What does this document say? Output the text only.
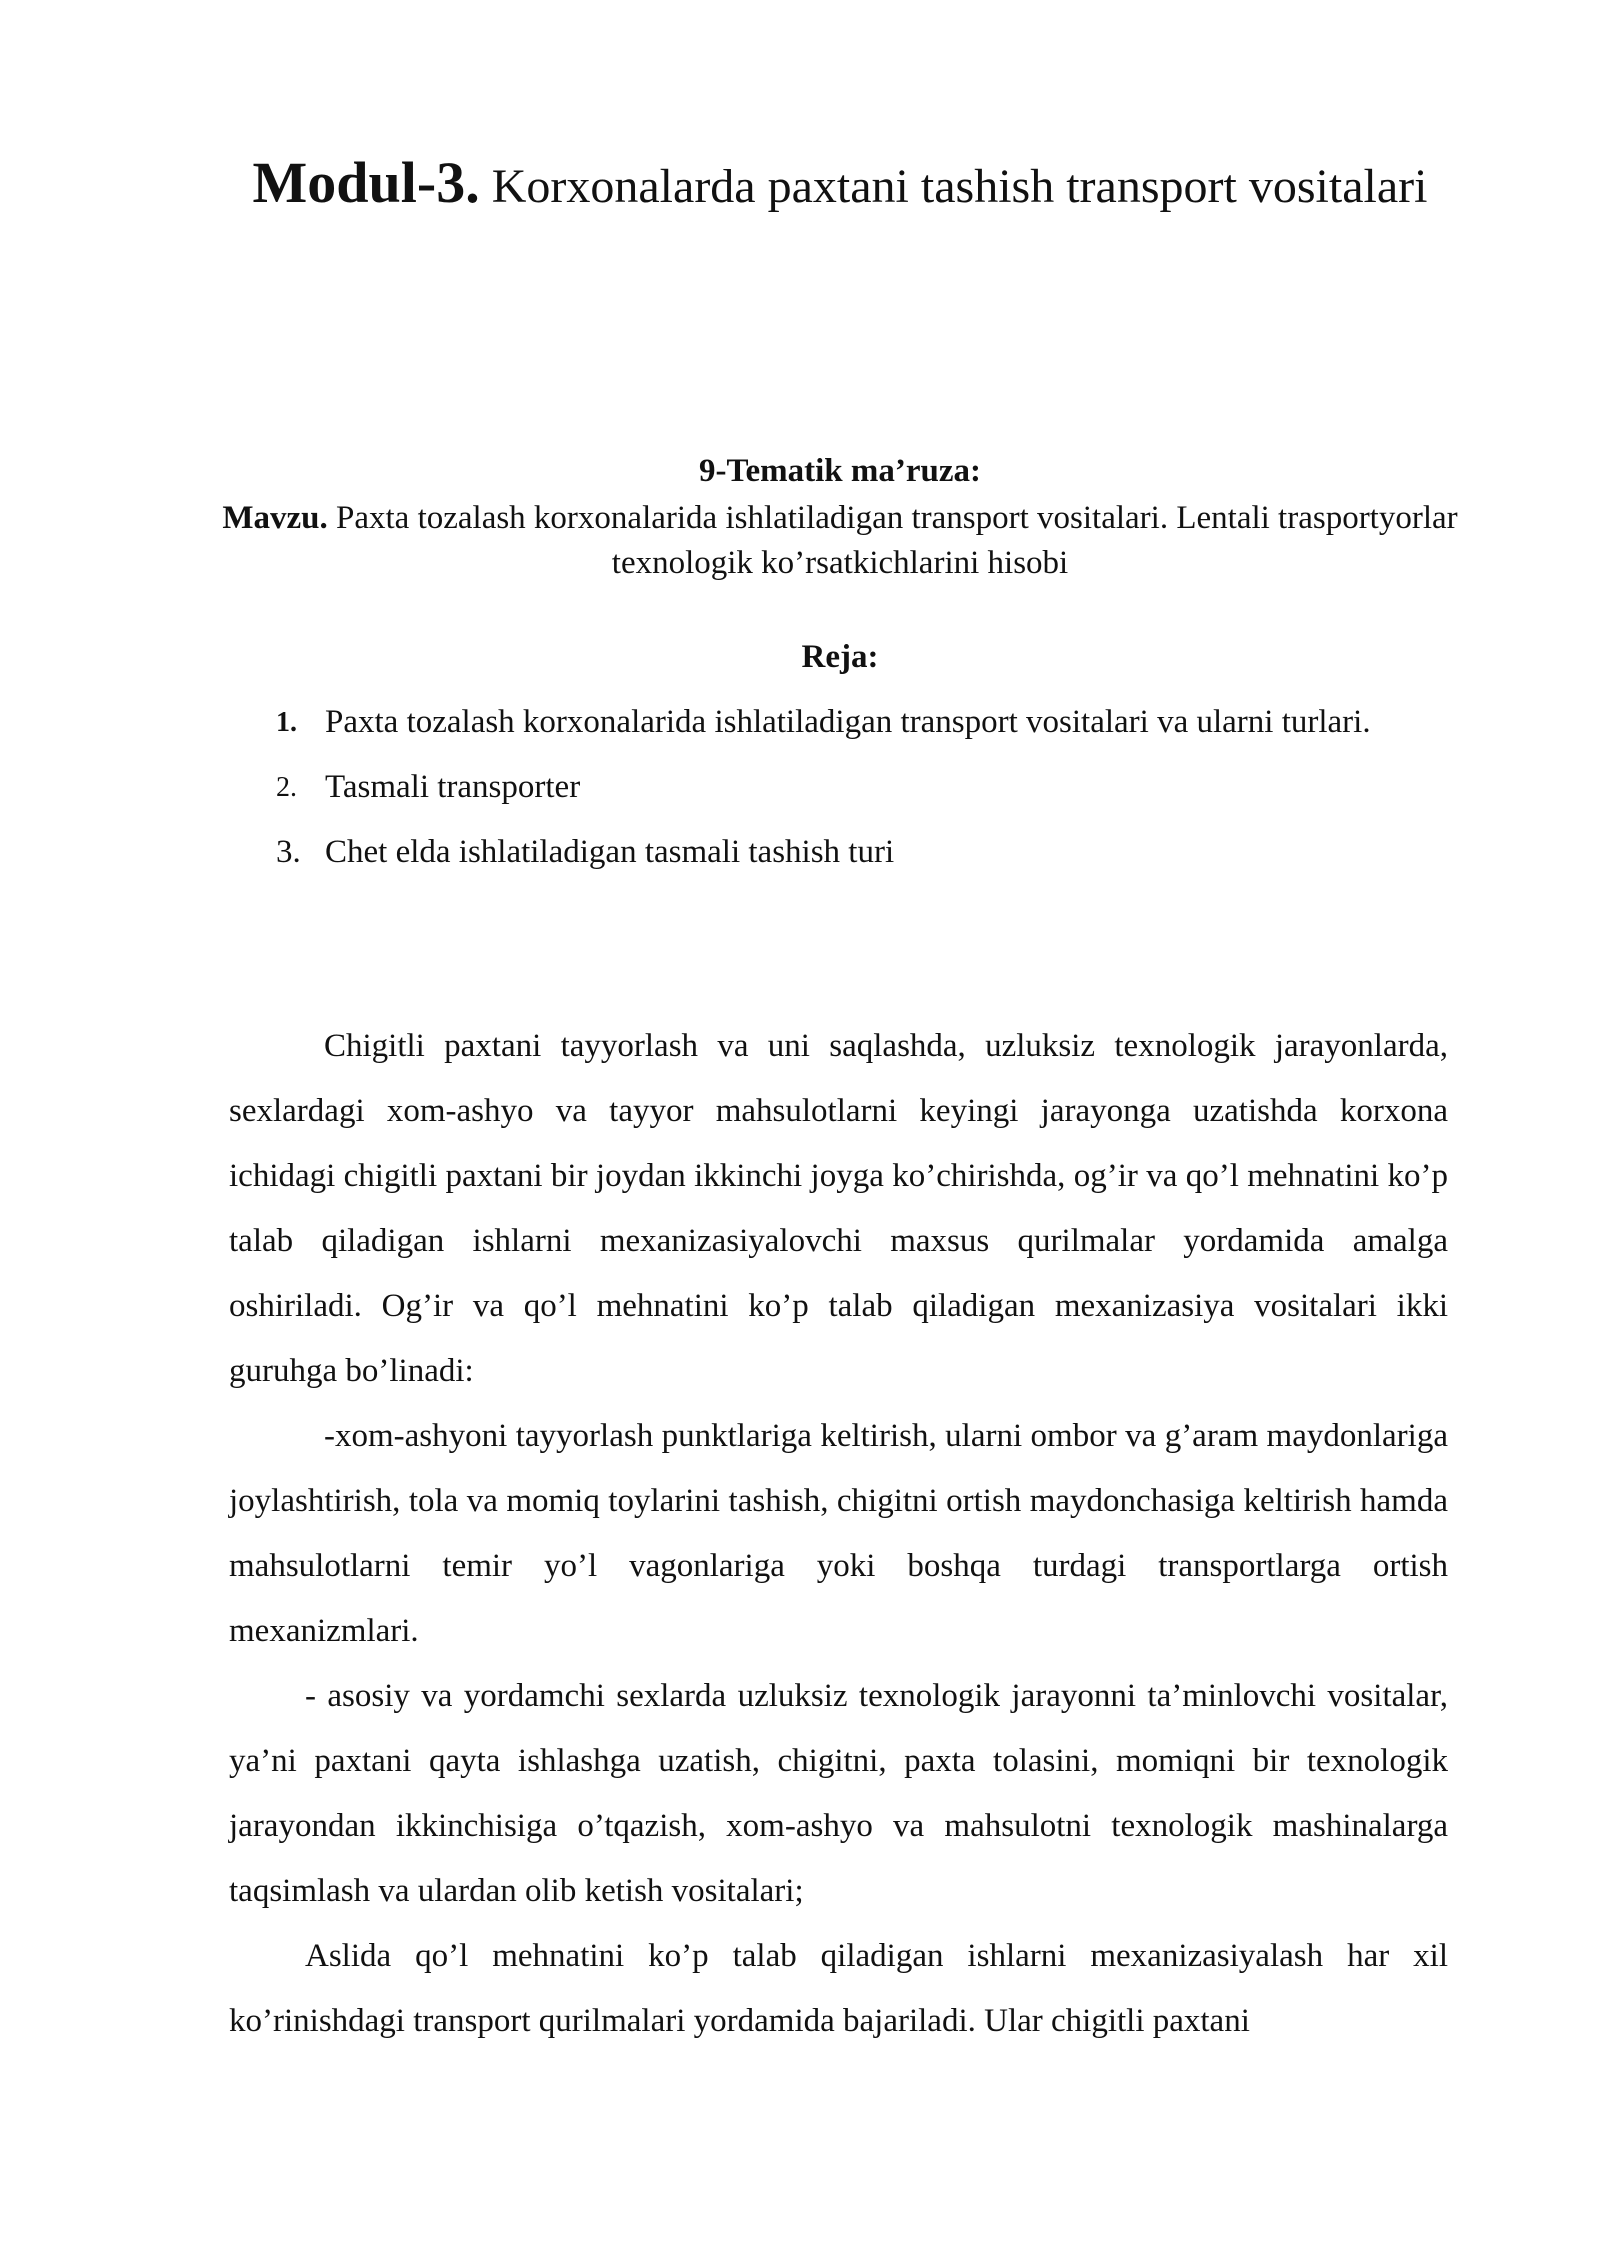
Modul-3. Korxonalarda paxtani tashish transport vositalari
9-Tematik ma’ruza:
Mavzu. Paxta tozalash korxonalarida ishlatiladigan transport vositalari. Lentali trasportyorlar texnologik ko’rsatkichlarini hisobi
Reja:
1. Paxta tozalash korxonalarida ishlatiladigan transport vositalari va ularni turlari.
2. Tasmali transporter
3. Chet elda ishlatiladigan tasmali tashish turi

Chigitli paxtani tayyorlash va uni saqlashda, uzluksiz texnologik jarayonlarda, sexlardagi xom-ashyo va tayyor mahsulotlarni keyingi jarayonga uzatishda korxona ichidagi chigitli paxtani bir joydan ikkinchi joyga ko’chirishda, og’ir va qo’l mehnatini ko’p talab qiladigan ishlarni mexanizasiyalovchi maxsus qurilmalar yordamida amalga oshiriladi. Og’ir va qo’l mehnatini ko’p talab qiladigan mexanizasiya vositalari ikki guruhga bo’linadi:

-xom-ashyoni tayyorlash punktlariga keltirish, ularni ombor va g’aram maydonlariga joylashtirish, tola va momiq toylarini tashish, chigitni ortish maydonchasiga keltirish hamda mahsulotlarni temir yo’l vagonlariga yoki boshqa turdagi transportlarga ortish mexanizmlari.

- asosiy va yordamchi sexlarda uzluksiz texnologik jarayonni ta’minlovchi vositalar, ya’ni paxtani qayta ishlashga uzatish, chigitni, paxta tolasini, momiqni bir texnologik jarayondan ikkinchisiga o’tqazish, xom-ashyo va mahsulotni texnologik mashinalarga taqsimlash va ulardan olib ketish vositalari;

Aslida qo’l mehnatini ko’p talab qiladigan ishlarni mexanizasiyalash har xil ko’rinishdagi transport qurilmalari yordamida bajariladi. Ular chigitli paxtani
